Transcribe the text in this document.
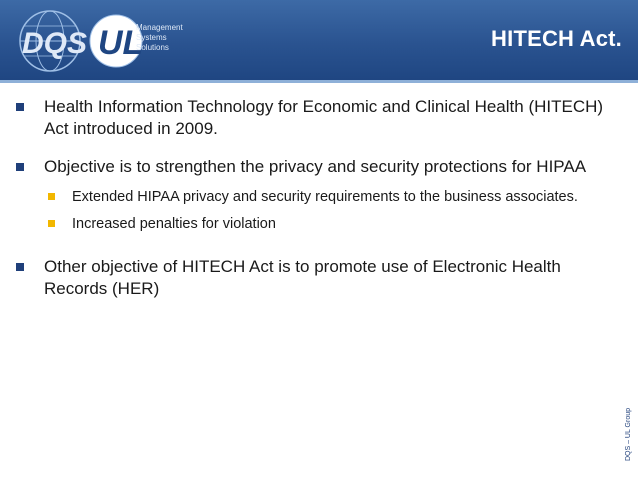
DQS UL
Management
Systems
Solutions	HITECH Act.
Health Information Technology for Economic and Clinical Health (HITECH) Act introduced in 2009.
Objective is to strengthen the privacy and security protections for HIPAA
Extended HIPAA privacy and security requirements to the business associates.
Increased penalties for violation
Other objective of HITECH Act is to promote use of Electronic Health Records (HER)
DQS – UL Group
